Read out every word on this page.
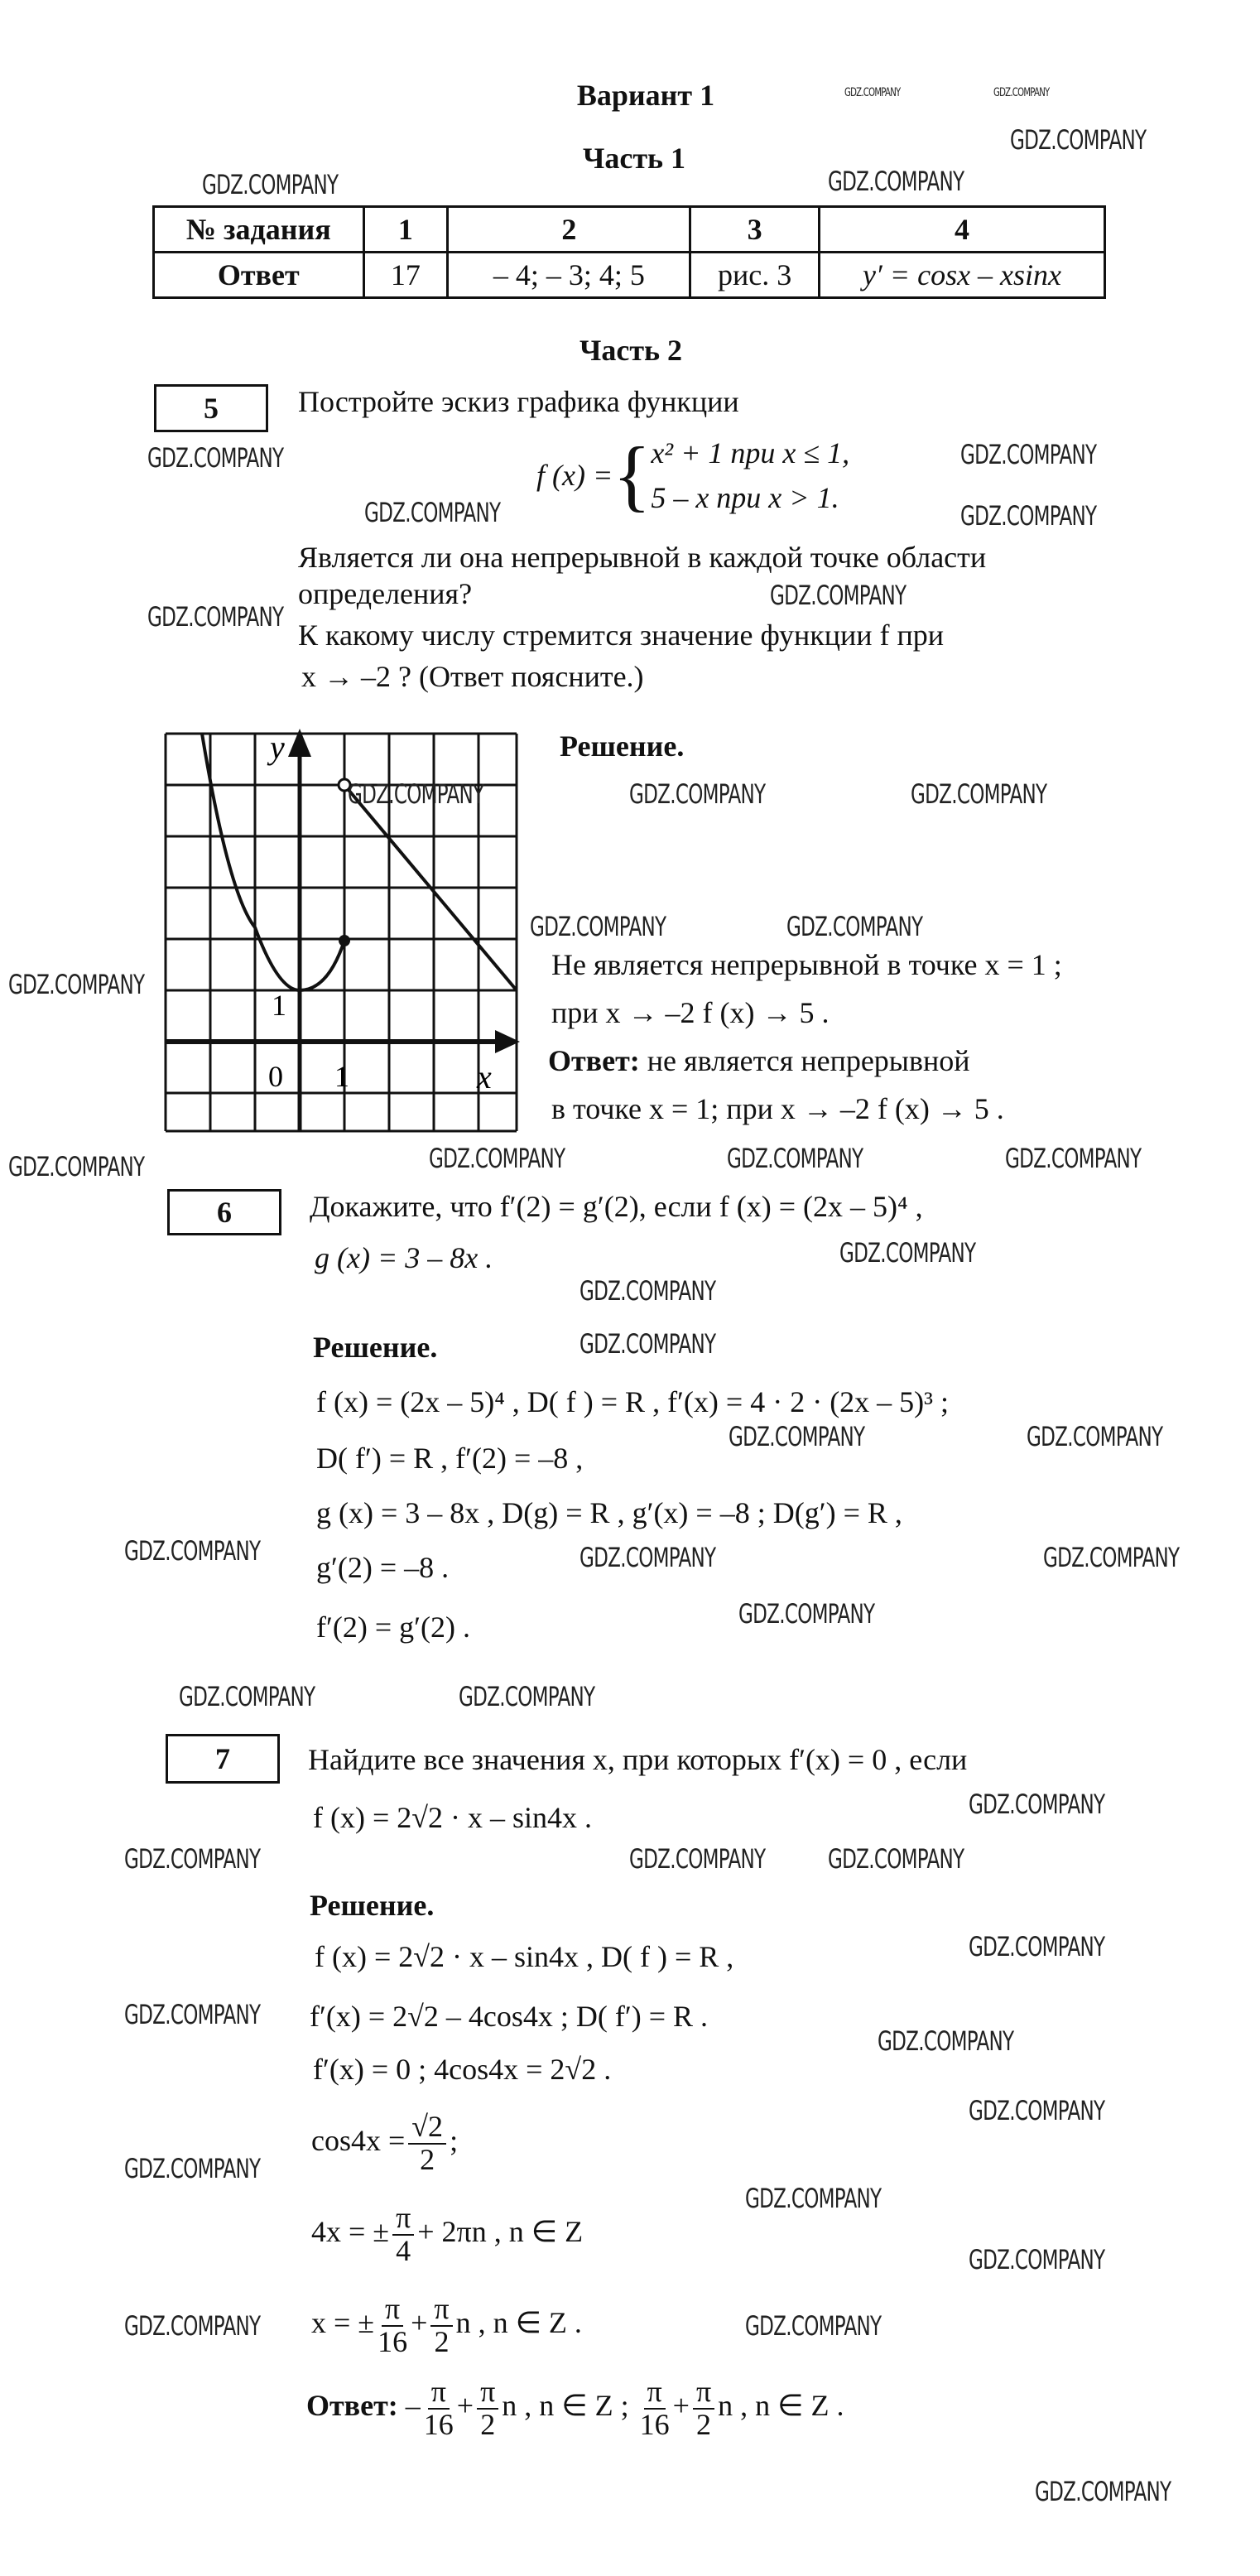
Вариант 1
Часть 1
№ задания	1	2	3	4
Ответ	17	– 4; – 3; 4; 5	рис. 3	y′ = cosx – xsinx
Часть 2
5	Постройте эскиз графика функции
f (x) = { x² + 1 при x ≤ 1,
5 – x при x > 1.
Является ли она непрерывной в каждой точке области
определения?
К какому числу стремится значение функции f при
x → –2 ? (Ответ поясните.)
y
x
0 1
1
Решение.
Не является непрерывной в точке x = 1 ;
при x → –2 f (x) → 5 .
Ответ: не является непрерывной
в точке x = 1; при x → –2 f (x) → 5 .
6	Докажите, что f′(2) = g′(2), если f (x) = (2x – 5)⁴ ,
g (x) = 3 – 8x .
Решение.
f (x) = (2x – 5)⁴ , D( f ) = R , f′(x) = 4 · 2 · (2x – 5)³ ;
D( f′) = R , f′(2) = –8 ,
g (x) = 3 – 8x , D(g) = R , g′(x) = –8 ; D(g′) = R ,
g′(2) = –8 .
f′(2) = g′(2) .
7	Найдите все значения x, при которых f′(x) = 0 , если
f (x) = 2√2 · x – sin4x .
Решение.
f (x) = 2√2 · x – sin4x , D( f ) = R ,
f′(x) = 2√2 – 4cos4x ; D( f′) = R .
f′(x) = 0 ; 4cos4x = 2√2 .
$\cos 4x = \frac{√2}{2}$ ;
4x = ± $\frac{\pi}{4} + 2\pi n$ , n ∈ Z
x = ± $\frac{\pi}{16} + \frac{\pi}{2}$ n , n ∈ Z .
Ответ: – $\frac{\pi}{16} + \frac{\pi}{2}$ n , n ∈ Z ; $\frac{\pi}{16} + \frac{\pi}{2}$ n , n ∈ Z .
GDZ.COMPANY	GDZ.COMPANY
GDZ.COMPANY	GDZ.COMPANY
GDZ.COMPANY
GDZ.COMPANY
GDZ.COMPANY
GDZ.COMPANY
GDZ.COMPANY
GDZ.COMPANY
GDZ.COMPANY
GDZ.COMPANY	GDZ.COMPANY	GDZ.COMPANY
GDZ.COMPANY	GDZ.COMPANY
GDZ.COMPANY
GDZ.COMPANY	GDZ.COMPANY	GDZ.COMPANY
GDZ.COMPANY
GDZ.COMPANY
GDZ.COMPANY
GDZ.COMPANY
GDZ.COMPANY	GDZ.COMPANY
GDZ.COMPANY	GDZ.COMPANY	GDZ.COMPANY
GDZ.COMPANY
GDZ.COMPANY	GDZ.COMPANY
GDZ.COMPANY
GDZ.COMPANY	GDZ.COMPANY GDZ.COMPANY
GDZ.COMPANY
GDZ.COMPANY
GDZ.COMPANY
GDZ.COMPANY
GDZ.COMPANY
GDZ.COMPANY
GDZ.COMPANY
GDZ.COMPANY	GDZ.COMPANY
GDZ.COMPANY
